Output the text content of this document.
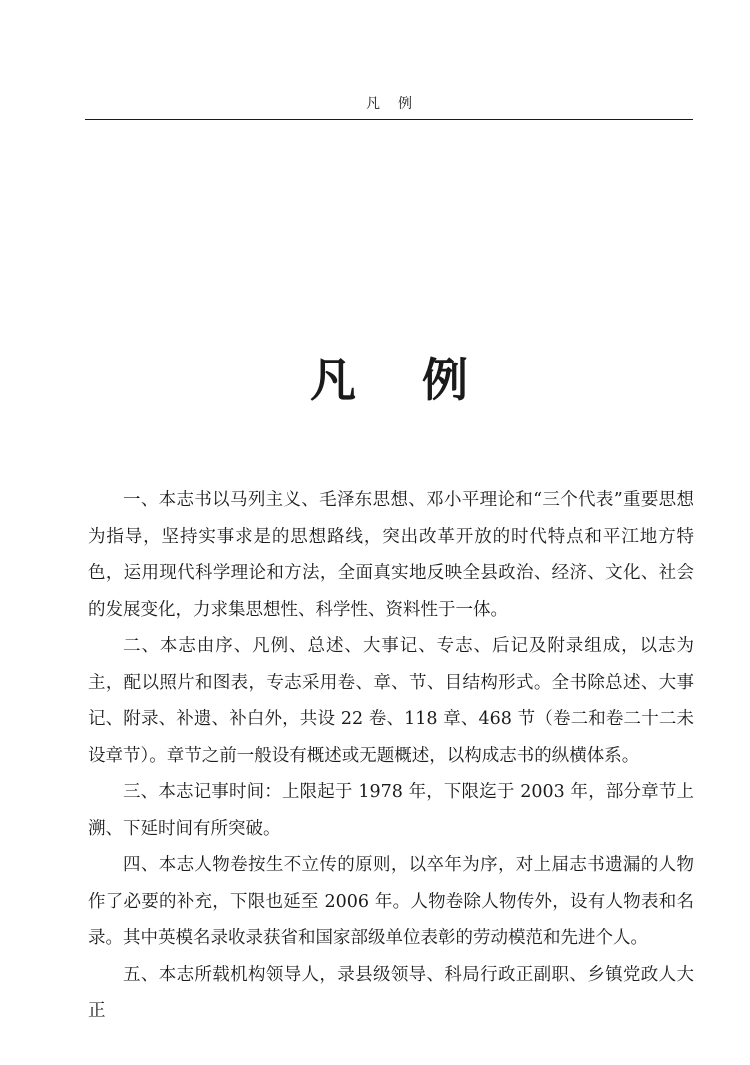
凡例
凡例

一、本志书以马列主义、毛泽东思想、邓小平理论和“三个代表”重要思想为指导，坚持实事求是的思想路线，突出改革开放的时代特点和平江地方特色，运用现代科学理论和方法，全面真实地反映全县政治、经济、文化、社会的发展变化，力求集思想性、科学性、资料性于一体。

二、本志由序、凡例、总述、大事记、专志、后记及附录组成，以志为主，配以照片和图表，专志采用卷、章、节、目结构形式。全书除总述、大事记、附录、补遗、补白外，共设 22 卷、118 章、468 节（卷二和卷二十二未设章节）。章节之前一般设有概述或无题概述，以构成志书的纵横体系。

三、本志记事时间：上限起于 1978 年，下限迄于 2003 年，部分章节上溯、下延时间有所突破。

四、本志人物卷按生不立传的原则，以卒年为序，对上届志书遗漏的人物作了必要的补充，下限也延至 2006 年。人物卷除人物传外，设有人物表和名录。其中英模名录收录获省和国家部级单位表彰的劳动模范和先进个人。

五、本志所载机构领导人，录县级领导、科局行政正副职、乡镇党政人大正
